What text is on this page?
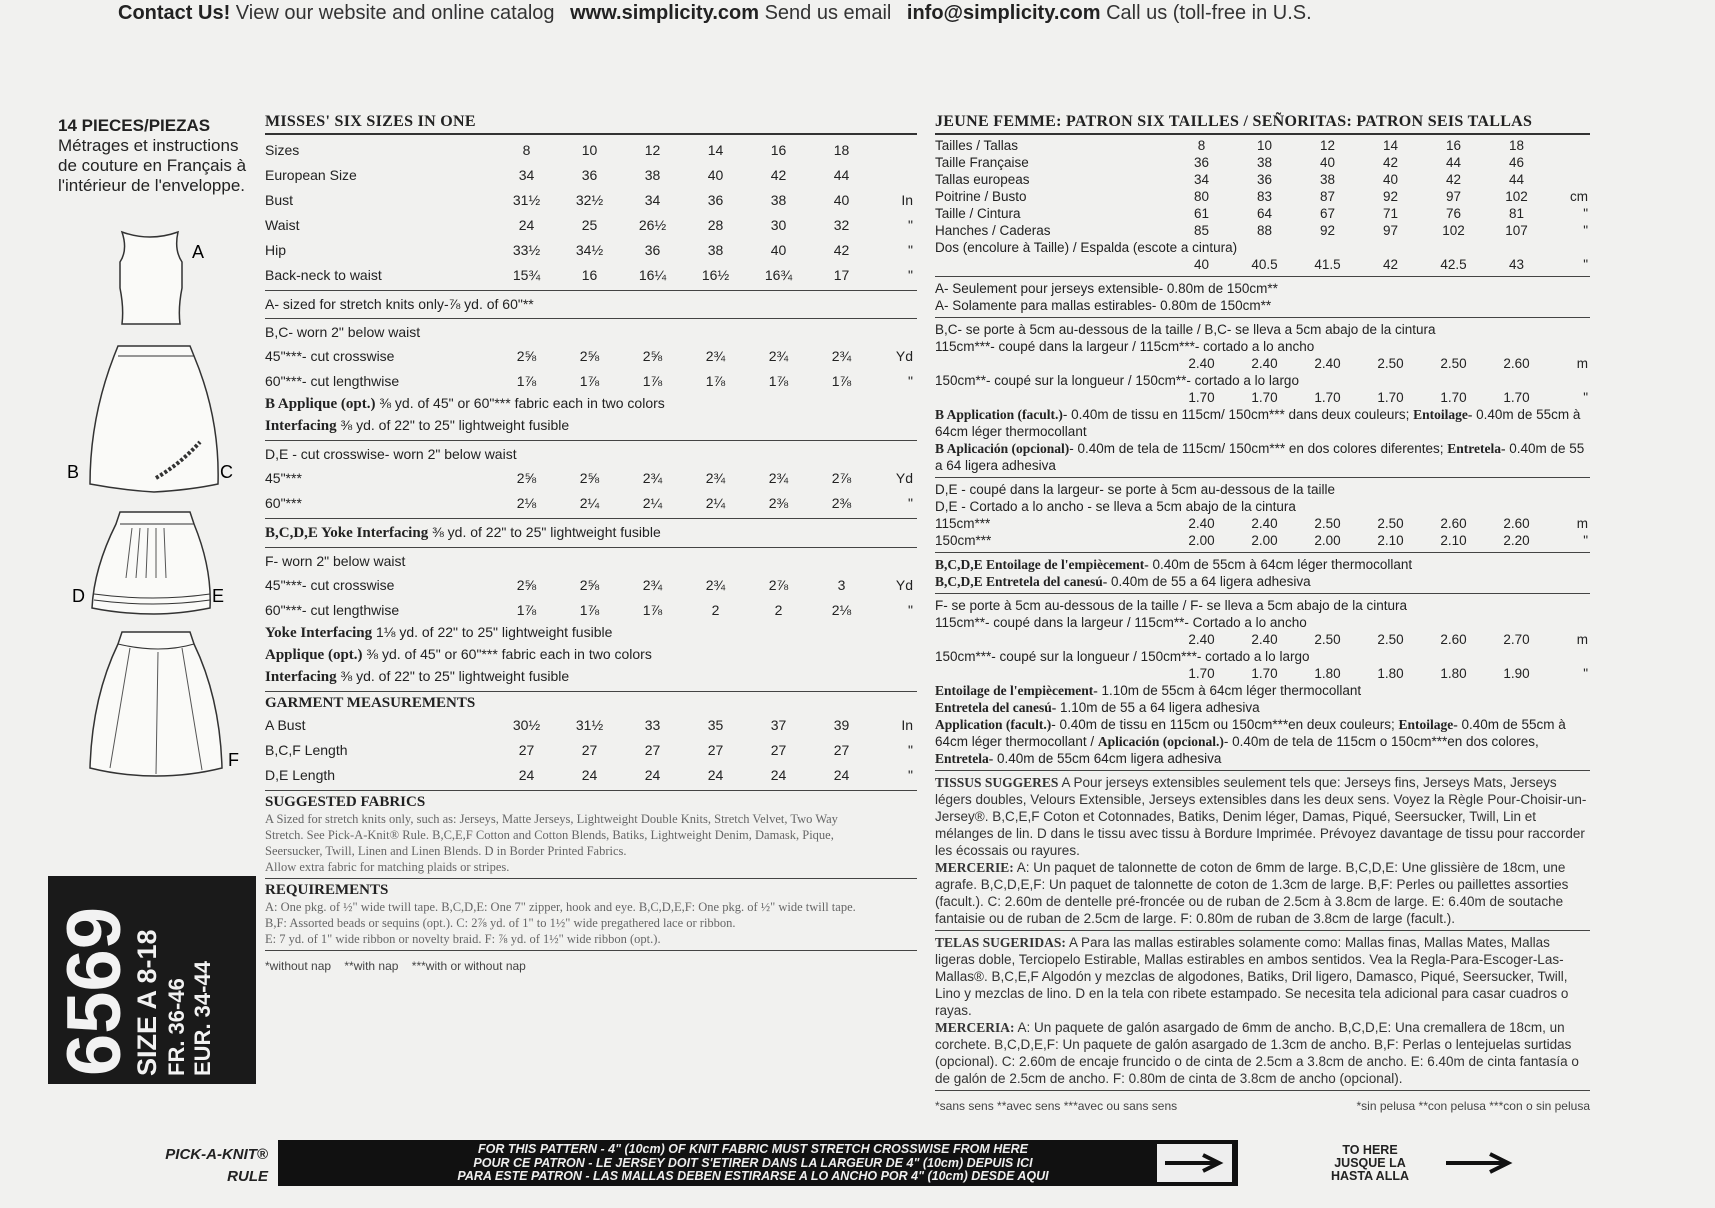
Contact Us! View our website and online catalog www.simplicity.com Send us email info@simplicity.com Call us (toll-free in U.S.
14 PIECES/PIEZAS
Métrages et instructions
de couture en Français à
l'intérieur de l'enveloppe.
A
B	C
D	E
F
6569
SIZE A 8-18 FR. 36-46 EUR. 34-44
MISSES' SIX SIZES IN ONE
Sizes	8	10	12	14	16	18
European Size	34	36	38	40	42	44
Bust	31½	32½	34	36	38	40	In
Waist	24	25	26½	28	30	32	"
Hip	33½	34½	36	38	40	42	"
Back-neck to waist	15¾	16	16¼	16½	16¾	17	"
A- sized for stretch knits only-⅞ yd. of 60"**
B,C- worn 2" below waist
45"***- cut crosswise	2⅝	2⅝	2⅝	2¾	2¾	2¾	Yd
60"***- cut lengthwise	1⅞	1⅞	1⅞	1⅞	1⅞	1⅞	"
B Applique (opt.) ⅜ yd. of 45" or 60"*** fabric each in two colors
Interfacing ⅜ yd. of 22" to 25" lightweight fusible
D,E - cut crosswise- worn 2" below waist
45"***	2⅝	2⅝	2¾	2¾	2¾	2⅞	Yd
60"***	2⅛	2¼	2¼	2¼	2⅜	2⅜	"
B,C,D,E Yoke Interfacing ⅜ yd. of 22" to 25" lightweight fusible
F- worn 2" below waist
45"***- cut crosswise	2⅝	2⅝	2¾	2¾	2⅞	3	Yd
60"***- cut lengthwise	1⅞	1⅞	1⅞	2	2	2⅛	"
Yoke Interfacing 1⅛ yd. of 22" to 25" lightweight fusible
Applique (opt.) ⅜ yd. of 45" or 60"*** fabric each in two colors
Interfacing ⅜ yd. of 22" to 25" lightweight fusible
GARMENT MEASUREMENTS
A Bust	30½	31½	33	35	37	39	In
B,C,F Length	27	27	27	27	27	27	"
D,E Length	24	24	24	24	24	24	"
SUGGESTED FABRICS
A Sized for stretch knits only, such as: Jerseys, Matte Jerseys, Lightweight Double Knits, Stretch Velvet, Two Way
Stretch. See Pick-A-Knit® Rule. B,C,E,F Cotton and Cotton Blends, Batiks, Lightweight Denim, Damask, Pique,
Seersucker, Twill, Linen and Linen Blends. D in Border Printed Fabrics.
Allow extra fabric for matching plaids or stripes.
REQUIREMENTS
A: One pkg. of ½" wide twill tape. B,C,D,E: One 7" zipper, hook and eye. B,C,D,E,F: One pkg. of ½" wide twill tape.
B,F: Assorted beads or sequins (opt.). C: 2⅞ yd. of 1" to 1½" wide pregathered lace or ribbon.
E: 7 yd. of 1" wide ribbon or novelty braid. F: ⅞ yd. of 1½" wide ribbon (opt.).
*without nap **with nap ***with or without nap
JEUNE FEMME: PATRON SIX TAILLES / SEÑORITAS: PATRON SEIS TALLAS
Tailles / Tallas	8	10	12	14	16	18
Taille Française	36	38	40	42	44	46
Tallas europeas	34	36	38	40	42	44
Poitrine / Busto	80	83	87	92	97	102	cm
Taille / Cintura	61	64	67	71	76	81	"
Hanches / Caderas	85	88	92	97	102	107	"
Dos (encolure à Taille) / Espalda (escote a cintura)
40	40.5	41.5	42	42.5	43	"
A- Seulement pour jerseys extensible- 0.80m de 150cm**
A- Solamente para mallas estirables- 0.80m de 150cm**
B,C- se porte à 5cm au-dessous de la taille / B,C- se lleva a 5cm abajo de la cintura
115cm***- coupé dans la largeur / 115cm***- cortado a lo ancho
2.40	2.40	2.40	2.50	2.50	2.60	m
150cm**- coupé sur la longueur / 150cm**- cortado a lo largo
1.70	1.70	1.70	1.70	1.70	1.70	"
B Application (facult.)- 0.40m de tissu en 115cm/ 150cm*** dans deux couleurs; Entoilage- 0.40m de 55cm à 64cm léger thermocollant
B Aplicación (opcional)- 0.40m de tela de 115cm/ 150cm*** en dos colores diferentes; Entretela- 0.40m de 55 a 64 ligera adhesiva
D,E - coupé dans la largeur- se porte à 5cm au-dessous de la taille
D,E - Cortado a lo ancho - se lleva a 5cm abajo de la cintura
115cm***	2.40	2.40	2.50	2.50	2.60	2.60	m
150cm***	2.00	2.00	2.00	2.10	2.10	2.20	"
B,C,D,E Entoilage de l'empiècement- 0.40m de 55cm à 64cm léger thermocollant
B,C,D,E Entretela del canesú- 0.40m de 55 a 64 ligera adhesiva
F- se porte à 5cm au-dessous de la taille / F- se lleva a 5cm abajo de la cintura
115cm**- coupé dans la largeur / 115cm**- Cortado a lo ancho
2.40	2.40	2.50	2.50	2.60	2.70	m
150cm***- coupé sur la longueur / 150cm***- cortado a lo largo
1.70	1.70	1.80	1.80	1.80	1.90	"
Entoilage de l'empiècement- 1.10m de 55cm à 64cm léger thermocollant
Entretela del canesú- 1.10m de 55 a 64 ligera adhesiva
Application (facult.)- 0.40m de tissu en 115cm ou 150cm***en deux couleurs; Entoilage- 0.40m de 55cm à 64cm léger thermocollant / Aplicación (opcional.)- 0.40m de tela de 115cm o 150cm***en dos colores, Entretela- 0.40m de 55cm 64cm ligera adhesiva
TISSUS SUGGERES A Pour jerseys extensibles seulement tels que: Jerseys fins, Jerseys Mats, Jerseys légers doubles, Velours Extensible, Jerseys extensibles dans les deux sens. Voyez la Règle Pour-Choisir-un-Jersey®. B,C,E,F Coton et Cotonnades, Batiks, Denim léger, Damas, Piqué, Seersucker, Twill, Lin et mélanges de lin. D dans le tissu avec tissu à Bordure Imprimée. Prévoyez davantage de tissu pour raccorder les écossais ou rayures.
MERCERIE: A: Un paquet de talonnette de coton de 6mm de large. B,C,D,E: Une glissière de 18cm, une agrafe. B,C,D,E,F: Un paquet de talonnette de coton de 1.3cm de large. B,F: Perles ou paillettes assorties (facult.). C: 2.60m de dentelle pré-froncée ou de ruban de 2.5cm à 3.8cm de large. E: 6.40m de soutache fantaisie ou de ruban de 2.5cm de large. F: 0.80m de ruban de 3.8cm de large (facult.).
TELAS SUGERIDAS: A Para las mallas estirables solamente como: Mallas finas, Mallas Mates, Mallas ligeras doble, Terciopelo Estirable, Mallas estirables en ambos sentidos. Vea la Regla-Para-Escoger-Las-Mallas®. B,C,E,F Algodón y mezclas de algodones, Batiks, Dril ligero, Damasco, Piqué, Seersucker, Twill, Lino y mezclas de lino. D en la tela con ribete estampado. Se necesita tela adicional para casar cuadros o rayas.
MERCERIA: A: Un paquete de galón asargado de 6mm de ancho. B,C,D,E: Una cremallera de 18cm, un corchete. B,C,D,E,F: Un paquete de galón asargado de 1.3cm de ancho. B,F: Perlas o lentejuelas surtidas (opcional). C: 2.60m de encaje fruncido o de cinta de 2.5cm a 3.8cm de ancho. E: 6.40m de cinta fantasía o de galón de 2.5cm de ancho. F: 0.80m de cinta de 3.8cm de ancho (opcional).
*sans sens **avec sens ***avec ou sans sens	*sin pelusa **con pelusa ***con o sin pelusa
PICK-A-KNIT®
RULE
FOR THIS PATTERN - 4" (10cm) OF KNIT FABRIC MUST STRETCH CROSSWISE FROM HERE
POUR CE PATRON - LE JERSEY DOIT S'ETIRER DANS LA LARGEUR DE 4" (10cm) DEPUIS ICI
PARA ESTE PATRON - LAS MALLAS DEBEN ESTIRARSE A LO ANCHO POR 4" (10cm) DESDE AQUI
TO HERE
JUSQUE LA
HASTA ALLA
